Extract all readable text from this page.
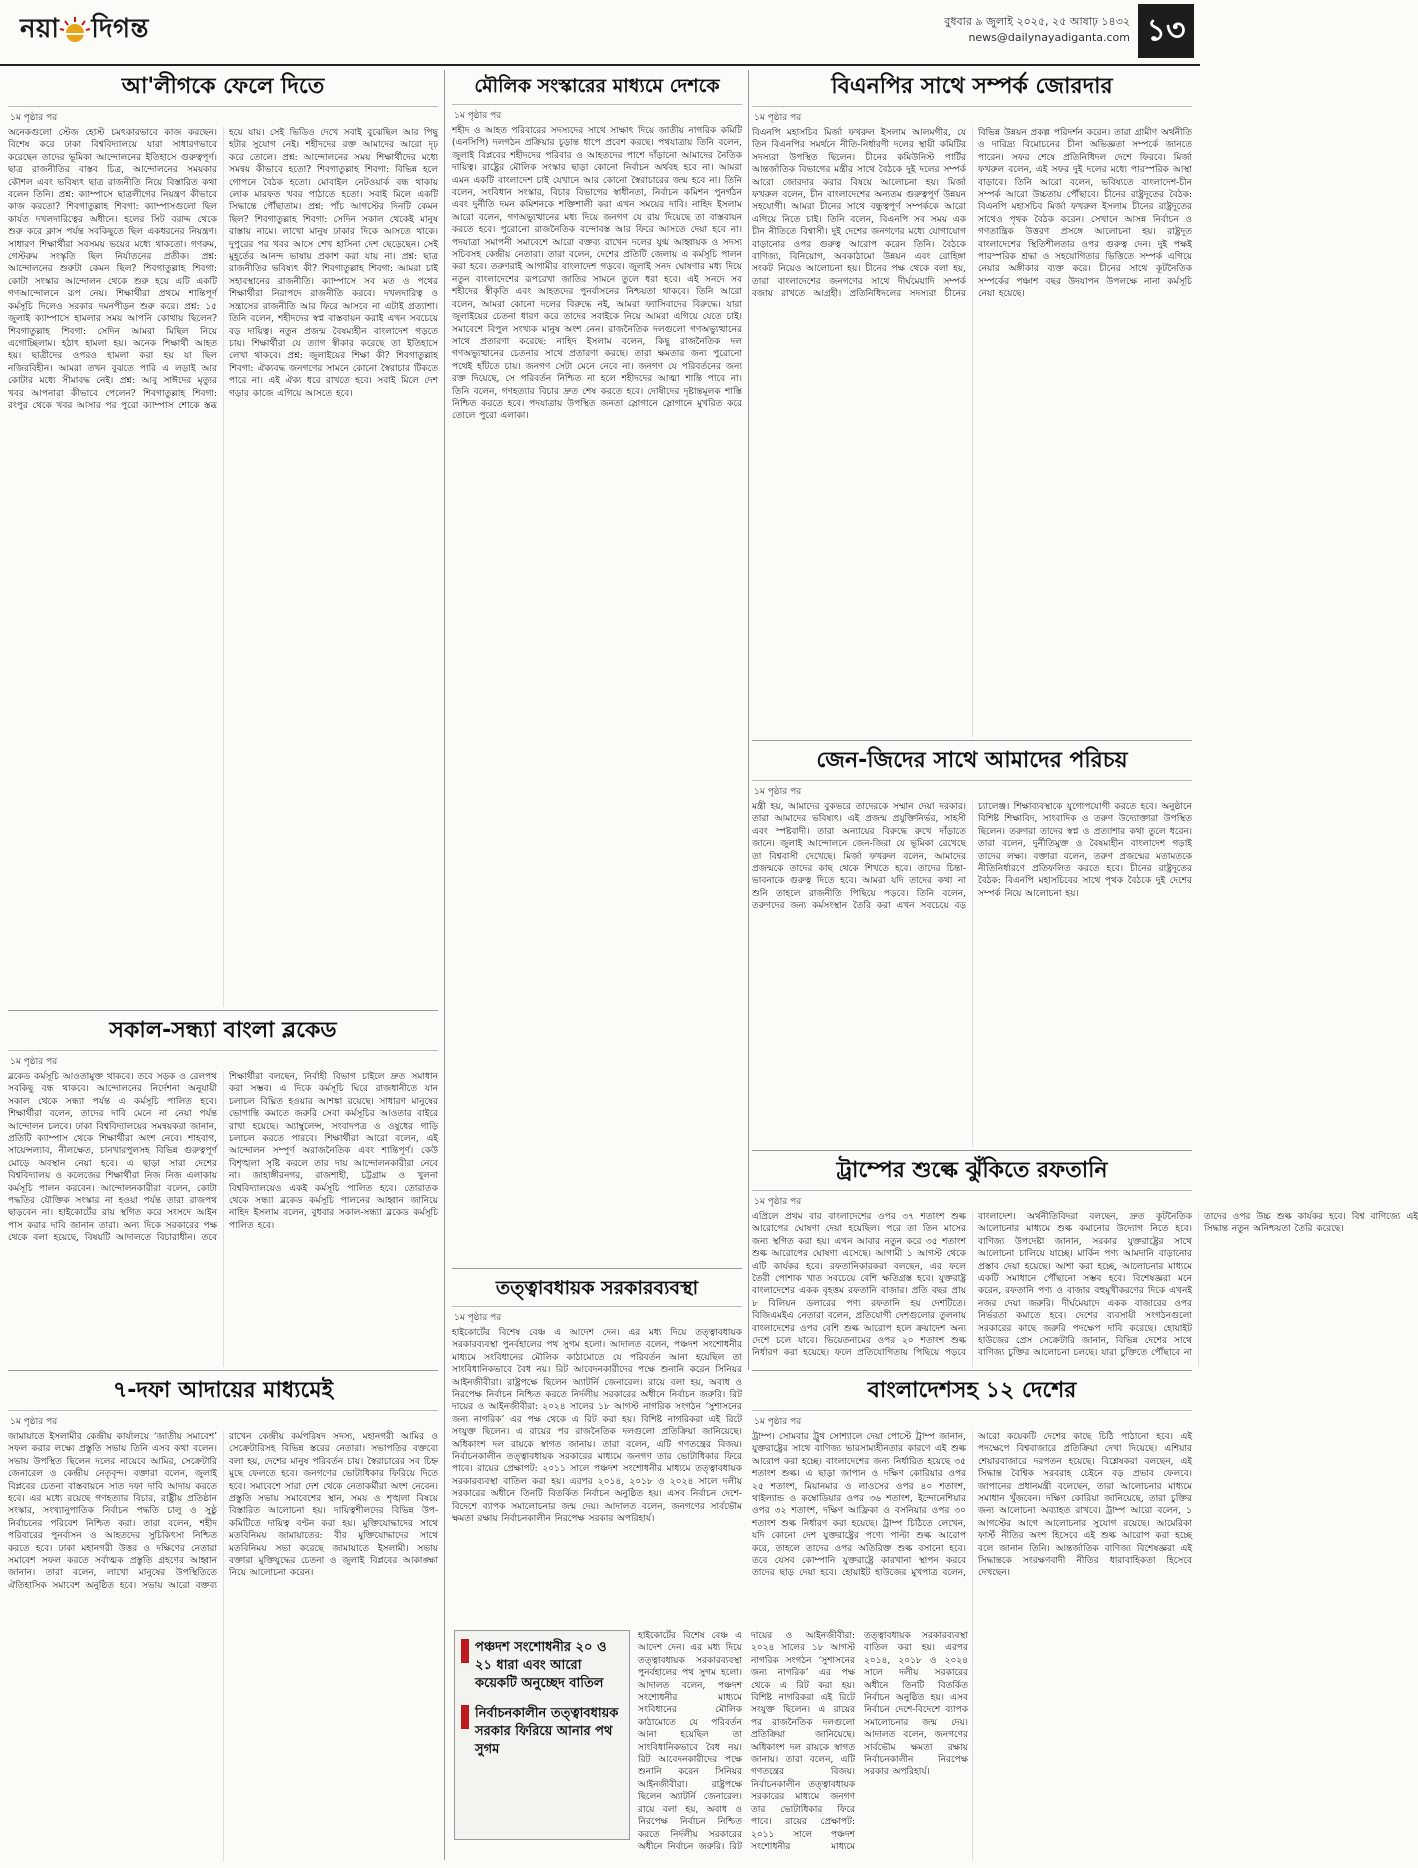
নয়া দিগন্ত	বুধবার ৯ জুলাই ২০২৫, ২৫ আষাঢ় ১৪৩২
news@dailynayadiganta.com ১৩
আ'লীগকে ফেলে দিতে
১ম পৃষ্ঠার পর
অনেকগুলো স্টেজ হোস্ট চমৎকারভাবে কাজ করছেন। বিশেষ করে ঢাকা বিশ্ববিদ্যালয়ে যারা সাধারণভাবে করেছেন তাদের ভূমিকা আন্দোলনের ইতিহাসে গুরুত্বপূর্ণ। ছাত্র রাজনীতির বাস্তব চিত্র, আন্দোলনের সময়কার কৌশল এবং ভবিষ্যৎ ছাত্র রাজনীতি নিয়ে বিস্তারিত কথা বলেন তিনি। প্রশ্ন: ক্যাম্পাসে ছাত্রলীগের নিয়ন্ত্রণ কীভাবে কাজ করতো? শিবগাতুল্লাহ শিবগা: ক্যাম্পাসগুলো ছিল কার্যত দখলদারিত্বের অধীনে। হলের সিট বরাদ্দ থেকে শুরু করে ক্লাস পর্যন্ত সবকিছুতে ছিল একধরনের নিয়ন্ত্রণ। সাধারণ শিক্ষার্থীরা সবসময় ভয়ের মধ্যে থাকতো। গণরুম, গেস্টরুম সংস্কৃতি ছিল নির্যাতনের প্রতীক। প্রশ্ন: আন্দোলনের শুরুটা কেমন ছিল? শিবগাতুল্লাহ শিবগা: কোটা সংস্কার আন্দোলন থেকে শুরু হয়ে এটি একটি গণআন্দোলনে রূপ নেয়। শিক্ষার্থীরা প্রথমে শান্তিপূর্ণ কর্মসূচি দিলেও সরকার দমনপীড়ন শুরু করে। প্রশ্ন: ১৫ জুলাই ক্যাম্পাসে হামলার সময় আপনি কোথায় ছিলেন? শিবগাতুল্লাহ শিবগা: সেদিন আমরা মিছিল নিয়ে এগোচ্ছিলাম। হঠাৎ হামলা হয়। অনেক শিক্ষার্থী আহত হয়। ছাত্রীদের ওপরও হামলা করা হয় যা ছিল নজিরবিহীন। আমরা তখন বুঝতে পারি এ লড়াই আর কোটার মধ্যে সীমাবদ্ধ নেই। প্রশ্ন: আবু সাঈদের মৃত্যুর খবর আপনারা কীভাবে পেলেন? শিবগাতুল্লাহ শিবগা: রংপুর থেকে খবর আসার পর পুরো ক্যাম্পাস শোকে স্তব্ধ হয়ে যায়। সেই ভিডিও দেখে সবাই বুঝেছিল আর পিছু হটার সুযোগ নেই। শহীদদের রক্ত আমাদের আরো দৃঢ় করে তোলে। প্রশ্ন: আন্দোলনের সময় শিক্ষার্থীদের মধ্যে সমন্বয় কীভাবে হতো? শিবগাতুল্লাহ শিবগা: বিভিন্ন হলে গোপনে বৈঠক হতো। মোবাইল নেটওয়ার্ক বন্ধ থাকায় লোক মারফত খবর পাঠাতে হতো। সবাই মিলে একটি সিদ্ধান্তে পৌঁছাতাম। প্রশ্ন: পাঁচ আগস্টের দিনটি কেমন ছিল? শিবগাতুল্লাহ শিবগা: সেদিন সকাল থেকেই মানুষ রাস্তায় নামে। লাখো মানুষ ঢাকার দিকে আসতে থাকে। দুপুরের পর খবর আসে শেখ হাসিনা দেশ ছেড়েছেন। সেই মুহূর্তের আনন্দ ভাষায় প্রকাশ করা যায় না। প্রশ্ন: ছাত্র রাজনীতির ভবিষ্যৎ কী? শিবগাতুল্লাহ শিবগা: আমরা চাই সহাবস্থানের রাজনীতি। ক্যাম্পাসে সব মত ও পথের শিক্ষার্থীরা নিরাপদে রাজনীতি করবে। দখলদারিত্ব ও সন্ত্রাসের রাজনীতি আর ফিরে আসবে না এটাই প্রত্যাশা। তিনি বলেন, শহীদদের স্বপ্ন বাস্তবায়ন করাই এখন সবচেয়ে বড় দায়িত্ব। নতুন প্রজন্ম বৈষম্যহীন বাংলাদেশ গড়তে চায়। শিক্ষার্থীরা যে ত্যাগ স্বীকার করেছে তা ইতিহাসে লেখা থাকবে। প্রশ্ন: জুলাইয়ের শিক্ষা কী? শিবগাতুল্লাহ শিবগা: ঐক্যবদ্ধ জনগণের সামনে কোনো স্বৈরাচার টিকতে পারে না। এই ঐক্য ধরে রাখতে হবে। সবাই মিলে দেশ গড়ার কাজে এগিয়ে আসতে হবে।
সকাল-সন্ধ্যা বাংলা ব্লকেড
১ম পৃষ্ঠার পর
ব্লকেড কর্মসূচি আওতামুক্ত থাকবে। তবে সড়ক ও রেলপথ সবকিছু বন্ধ থাকবে। আন্দোলনের নির্দেশনা অনুযায়ী সকাল থেকে সন্ধ্যা পর্যন্ত এ কর্মসূচি পালিত হবে। শিক্ষার্থীরা বলেন, তাদের দাবি মেনে না নেয়া পর্যন্ত আন্দোলন চলবে। ঢাকা বিশ্ববিদ্যালয়ের সমন্বয়করা জানান, প্রতিটি ক্যাম্পাস থেকে শিক্ষার্থীরা অংশ নেবে। শাহবাগ, সায়েন্সল্যাব, নীলক্ষেত, চানখারপুলসহ বিভিন্ন গুরুত্বপূর্ণ মোড়ে অবস্থান নেয়া হবে। এ ছাড়া সারা দেশের বিশ্ববিদ্যালয় ও কলেজের শিক্ষার্থীরা নিজ নিজ এলাকায় কর্মসূচি পালন করবেন। আন্দোলনকারীরা বলেন, কোটা পদ্ধতির যৌক্তিক সংস্কার না হওয়া পর্যন্ত তারা রাজপথ ছাড়বেন না। হাইকোর্টের রায় স্থগিত করে সংসদে আইন পাস করার দাবি জানান তারা। অন্য দিকে সরকারের পক্ষ থেকে বলা হয়েছে, বিষয়টি আদালতে বিচারাধীন। তবে শিক্ষার্থীরা বলছেন, নির্বাহী বিভাগ চাইলে দ্রুত সমাধান করা সম্ভব। এ দিকে কর্মসূচি ঘিরে রাজধানীতে যান চলাচল বিঘ্নিত হওয়ার আশঙ্কা রয়েছে। সাধারণ মানুষের ভোগান্তি কমাতে জরুরি সেবা কর্মসূচির আওতার বাইরে রাখা হয়েছে। অ্যাম্বুলেন্স, সংবাদপত্র ও ওষুধের গাড়ি চলাচল করতে পারবে। শিক্ষার্থীরা আরো বলেন, এই আন্দোলন সম্পূর্ণ অরাজনৈতিক এবং শান্তিপূর্ণ। কেউ বিশৃঙ্খলা সৃষ্টি করলে তার দায় আন্দোলনকারীরা নেবে না। জাহাঙ্গীরনগর, রাজশাহী, চট্টগ্রাম ও খুলনা বিশ্ববিদ্যালয়েও একই কর্মসূচি পালিত হবে। তোরাতক থেকে সন্ধ্যা ব্লকেড কর্মসূচি পালনের আহ্বান জানিয়ে নাহিদ ইসলাম বলেন, বুধবার সকাল-সন্ধ্যা ব্লকেড কর্মসূচি পালিত হবে।
৭-দফা আদায়ের মাধ্যমেই
১ম পৃষ্ঠার পর
জামায়াতে ইসলামীর কেন্দ্রীয় কার্যালয়ে ‘জাতীয় সমাবেশ’ সফল করার লক্ষ্যে প্রস্তুতি সভায় তিনি এসব কথা বলেন। সভায় উপস্থিত ছিলেন দলের নায়েবে আমির, সেক্রেটারি জেনারেল ও কেন্দ্রীয় নেতৃবৃন্দ। বক্তারা বলেন, জুলাই বিপ্লবের চেতনা বাস্তবায়নে সাত দফা দাবি আদায় করতে হবে। এর মধ্যে রয়েছে গণহত্যার বিচার, রাষ্ট্রীয় প্রতিষ্ঠান সংস্কার, সংখ্যানুপাতিক নির্বাচন পদ্ধতি চালু ও সুষ্ঠু নির্বাচনের পরিবেশ নিশ্চিত করা। তারা বলেন, শহীদ পরিবারের পুনর্বাসন ও আহতদের সুচিকিৎসা নিশ্চিত করতে হবে। ঢাকা মহানগরী উত্তর ও দক্ষিণের নেতারা সমাবেশ সফল করতে সর্বাত্মক প্রস্তুতি গ্রহণের আহ্বান জানান। তারা বলেন, লাখো মানুষের উপস্থিতিতে ঐতিহাসিক সমাবেশ অনুষ্ঠিত হবে। সভায় আরো বক্তব্য রাখেন কেন্দ্রীয় কর্মপরিষদ সদস্য, মহানগরী আমির ও সেক্রেটারিসহ বিভিন্ন স্তরের নেতারা। সভাপতির বক্তব্যে বলা হয়, দেশের মানুষ পরিবর্তন চায়। স্বৈরাচারের সব চিহ্ন মুছে ফেলতে হবে। জনগণের ভোটাধিকার ফিরিয়ে দিতে হবে। সমাবেশে সারা দেশ থেকে নেতাকর্মীরা অংশ নেবেন। প্রস্তুতি সভায় সমাবেশের স্থান, সময় ও শৃঙ্খলা বিষয়ে বিস্তারিত আলোচনা হয়। দায়িত্বশীলদের বিভিন্ন উপ-কমিটিতে দায়িত্ব বণ্টন করা হয়। মুক্তিযোদ্ধাদের সাথে মতবিনিময় জামায়াতের: বীর মুক্তিযোদ্ধাদের সাথে মতবিনিময় সভা করেছে জামায়াতে ইসলামী। সভায় বক্তারা মুক্তিযুদ্ধের চেতনা ও জুলাই বিপ্লবের আকাঙ্ক্ষা নিয়ে আলোচনা করেন।
মৌলিক সংস্কারের মাধ্যমে দেশকে
১ম পৃষ্ঠার পর
শহীদ ও আহত পরিবারের সদস্যদের সাথে সাক্ষাৎ দিয়ে জাতীয় নাগরিক কমিটি (এনসিপি) দলগঠন প্রক্রিয়ার চূড়ান্ত ধাপে প্রবেশ করছে। পথযাত্রায় তিনি বলেন, জুলাই বিপ্লবের শহীদদের পরিবার ও আহতদের পাশে দাঁড়ানো আমাদের নৈতিক দায়িত্ব। রাষ্ট্রের মৌলিক সংস্কার ছাড়া কোনো নির্বাচন অর্থবহ হবে না। আমরা এমন একটি বাংলাদেশ চাই যেখানে আর কোনো স্বৈরাচারের জন্ম হবে না। তিনি বলেন, সংবিধান সংস্কার, বিচার বিভাগের স্বাধীনতা, নির্বাচন কমিশন পুনর্গঠন এবং দুর্নীতি দমন কমিশনকে শক্তিশালী করা এখন সময়ের দাবি। নাহিদ ইসলাম আরো বলেন, গণঅভ্যুত্থানের মধ্য দিয়ে জনগণ যে রায় দিয়েছে তা বাস্তবায়ন করতে হবে। পুরোনো রাজনৈতিক বন্দোবস্ত আর ফিরে আসতে দেয়া হবে না। পদযাত্রা সমাপনী সমাবেশে আরো বক্তব্য রাখেন দলের যুগ্ম আহ্বায়ক ও সদস্য সচিবসহ কেন্দ্রীয় নেতারা। তারা বলেন, দেশের প্রতিটি জেলায় এ কর্মসূচি পালন করা হবে। তরুণরাই আগামীর বাংলাদেশ গড়বে। জুলাই সনদ ঘোষণার মধ্য দিয়ে নতুন বাংলাদেশের রূপরেখা জাতির সামনে তুলে ধরা হবে। এই সনদে সব শহীদের স্বীকৃতি এবং আহতদের পুনর্বাসনের নিশ্চয়তা থাকবে। তিনি আরো বলেন, আমরা কোনো দলের বিরুদ্ধে নই, আমরা ফ্যাসিবাদের বিরুদ্ধে। যারা জুলাইয়ের চেতনা ধারণ করে তাদের সবাইকে নিয়ে আমরা এগিয়ে যেতে চাই। সমাবেশে বিপুল সংখ্যক মানুষ অংশ নেন। রাজনৈতিক দলগুলো গণঅভ্যুত্থানের সাথে প্রতারণা করেছে: নাহিদ ইসলাম বলেন, কিছু রাজনৈতিক দল গণঅভ্যুত্থানের চেতনার সাথে প্রতারণা করছে। তারা ক্ষমতার জন্য পুরোনো পথেই হাঁটতে চায়। জনগণ সেটা মেনে নেবে না। জনগণ যে পরিবর্তনের জন্য রক্ত দিয়েছে, সে পরিবর্তন নিশ্চিত না হলে শহীদদের আত্মা শান্তি পাবে না। তিনি বলেন, গণহত্যার বিচার দ্রুত শেষ করতে হবে। দোষীদের দৃষ্টান্তমূলক শাস্তি নিশ্চিত করতে হবে। পদযাত্রায় উপস্থিত জনতা স্লোগানে স্লোগানে মুখরিত করে তোলে পুরো এলাকা।
তত্ত্বাবধায়ক সরকারব্যবস্থা
১ম পৃষ্ঠার পর
হাইকোর্টের বিশেষ বেঞ্চ এ আদেশ দেন। এর মধ্য দিয়ে তত্ত্বাবধায়ক সরকারব্যবস্থা পুনর্বহালের পথ সুগম হলো। আদালত বলেন, পঞ্চদশ সংশোধনীর মাধ্যমে সংবিধানের মৌলিক কাঠামোতে যে পরিবর্তন আনা হয়েছিল তা সাংবিধানিকভাবে বৈধ নয়। রিট আবেদনকারীদের পক্ষে শুনানি করেন সিনিয়র আইনজীবীরা। রাষ্ট্রপক্ষে ছিলেন অ্যাটর্নি জেনারেল। রায়ে বলা হয়, অবাধ ও নিরপেক্ষ নির্বাচন নিশ্চিত করতে নির্দলীয় সরকারের অধীনে নির্বাচন জরুরি। রিট দায়ের ও আইনজীবীরা: ২০২৪ সালের ১৮ আগস্ট নাগরিক সংগঠন ‘সুশাসনের জন্য নাগরিক’ এর পক্ষ থেকে এ রিট করা হয়। বিশিষ্ট নাগরিকরা এই রিটে সংযুক্ত ছিলেন। এ রায়ের পর রাজনৈতিক দলগুলো প্রতিক্রিয়া জানিয়েছে। অধিকাংশ দল রায়কে স্বাগত জানায়। তারা বলেন, এটি গণতন্ত্রের বিজয়। নির্বাচনকালীন তত্ত্বাবধায়ক সরকারের মাধ্যমে জনগণ তার ভোটাধিকার ফিরে পাবে। রায়ের প্রেক্ষাপট: ২০১১ সালে পঞ্চদশ সংশোধনীর মাধ্যমে তত্ত্বাবধায়ক সরকারব্যবস্থা বাতিল করা হয়। এরপর ২০১৪, ২০১৮ ও ২০২৪ সালে দলীয় সরকারের অধীনে তিনটি বিতর্কিত নির্বাচন অনুষ্ঠিত হয়। এসব নির্বাচন দেশে-বিদেশে ব্যাপক সমালোচনার জন্ম দেয়। আদালত বলেন, জনগণের সার্বভৌম ক্ষমতা রক্ষায় নির্বাচনকালীন নিরপেক্ষ সরকার অপরিহার্য।
পঞ্চদশ সংশোধনীর ২০ ও ২১ ধারা এবং আরো কয়েকটি অনুচ্ছেদ বাতিল
নির্বাচনকালীন তত্ত্বাবধায়ক সরকার ফিরিয়ে আনার পথ সুগম
হাইকোর্টের বিশেষ বেঞ্চ এ আদেশ দেন। এর মধ্য দিয়ে তত্ত্বাবধায়ক সরকারব্যবস্থা পুনর্বহালের পথ সুগম হলো। আদালত বলেন, পঞ্চদশ সংশোধনীর মাধ্যমে সংবিধানের মৌলিক কাঠামোতে যে পরিবর্তন আনা হয়েছিল তা সাংবিধানিকভাবে বৈধ নয়। রিট আবেদনকারীদের পক্ষে শুনানি করেন সিনিয়র আইনজীবীরা। রাষ্ট্রপক্ষে ছিলেন অ্যাটর্নি জেনারেল। রায়ে বলা হয়, অবাধ ও নিরপেক্ষ নির্বাচন নিশ্চিত করতে নির্দলীয় সরকারের অধীনে নির্বাচন জরুরি। রিট দায়ের ও আইনজীবীরা: ২০২৪ সালের ১৮ আগস্ট নাগরিক সংগঠন ‘সুশাসনের জন্য নাগরিক’ এর পক্ষ থেকে এ রিট করা হয়। বিশিষ্ট নাগরিকরা এই রিটে সংযুক্ত ছিলেন। এ রায়ের পর রাজনৈতিক দলগুলো প্রতিক্রিয়া জানিয়েছে। অধিকাংশ দল রায়কে স্বাগত জানায়। তারা বলেন, এটি গণতন্ত্রের বিজয়। নির্বাচনকালীন তত্ত্বাবধায়ক সরকারের মাধ্যমে জনগণ তার ভোটাধিকার ফিরে পাবে। রায়ের প্রেক্ষাপট: ২০১১ সালে পঞ্চদশ সংশোধনীর মাধ্যমে তত্ত্বাবধায়ক সরকারব্যবস্থা বাতিল করা হয়। এরপর ২০১৪, ২০১৮ ও ২০২৪ সালে দলীয় সরকারের অধীনে তিনটি বিতর্কিত নির্বাচন অনুষ্ঠিত হয়। এসব নির্বাচন দেশে-বিদেশে ব্যাপক সমালোচনার জন্ম দেয়। আদালত বলেন, জনগণের সার্বভৌম ক্ষমতা রক্ষায় নির্বাচনকালীন নিরপেক্ষ সরকার অপরিহার্য।
বিএনপির সাথে সম্পর্ক জোরদার
১ম পৃষ্ঠার পর
বিএনপি মহাসচিব মির্জা ফখরুল ইসলাম আলমগীর, যে তিন বিএনপির সমর্থনে নীতি-নির্ধারণী দলের স্থায়ী কমিটির সদস্যরা উপস্থিত ছিলেন। চীনের কমিউনিস্ট পার্টির আন্তর্জাতিক বিভাগের মন্ত্রীর সাথে বৈঠকে দুই দলের সম্পর্ক আরো জোরদার করার বিষয়ে আলোচনা হয়। মির্জা ফখরুল বলেন, চীন বাংলাদেশের অন্যতম গুরুত্বপূর্ণ উন্নয়ন সহযোগী। আমরা চীনের সাথে বন্ধুত্বপূর্ণ সম্পর্ককে আরো এগিয়ে নিতে চাই। তিনি বলেন, বিএনপি সব সময় এক চীন নীতিতে বিশ্বাসী। দুই দেশের জনগণের মধ্যে যোগাযোগ বাড়ানোর ওপর গুরুত্ব আরোপ করেন তিনি। বৈঠকে বাণিজ্য, বিনিয়োগ, অবকাঠামো উন্নয়ন এবং রোহিঙ্গা সংকট নিয়েও আলোচনা হয়। চীনের পক্ষ থেকে বলা হয়, তারা বাংলাদেশের জনগণের সাথে দীর্ঘমেয়াদি সম্পর্ক বজায় রাখতে আগ্রহী। প্রতিনিধিদলের সদস্যরা চীনের বিভিন্ন উন্নয়ন প্রকল্প পরিদর্শন করেন। তারা গ্রামীণ অর্থনীতি ও দারিদ্র্য বিমোচনের চীনা অভিজ্ঞতা সম্পর্কে জানতে পারেন। সফর শেষে প্রতিনিধিদল দেশে ফিরবে। মির্জা ফখরুল বলেন, এই সফর দুই দলের মধ্যে পারস্পরিক আস্থা বাড়াবে। তিনি আরো বলেন, ভবিষ্যতে বাংলাদেশ-চীন সম্পর্ক আরো উচ্চতায় পৌঁছাবে। চীনের রাষ্ট্রদূতের বৈঠক: বিএনপি মহাসচিব মির্জা ফখরুল ইসলাম চীনের রাষ্ট্রদূতের সাথেও পৃথক বৈঠক করেন। সেখানে আসন্ন নির্বাচন ও গণতান্ত্রিক উত্তরণ প্রসঙ্গে আলোচনা হয়। রাষ্ট্রদূত বাংলাদেশের স্থিতিশীলতার ওপর গুরুত্ব দেন। দুই পক্ষই পারস্পরিক শ্রদ্ধা ও সহযোগিতার ভিত্তিতে সম্পর্ক এগিয়ে নেয়ার অঙ্গীকার ব্যক্ত করে। চীনের সাথে কূটনৈতিক সম্পর্কের পঞ্চাশ বছর উদযাপন উপলক্ষে নানা কর্মসূচি নেয়া হয়েছে।
জেন-জিদের সাথে আমাদের পরিচয়
১ম পৃষ্ঠার পর
মন্ত্রী হয়, আমাদের বুকভরে তাদেরকে সম্মান দেয়া দরকার। তারা আমাদের ভবিষ্যৎ। এই প্রজন্ম প্রযুক্তিনির্ভর, সাহসী এবং স্পষ্টবাদী। তারা অন্যায়ের বিরুদ্ধে রুখে দাঁড়াতে জানে। জুলাই আন্দোলনে জেন-জিরা যে ভূমিকা রেখেছে তা বিশ্ববাসী দেখেছে। মির্জা ফখরুল বলেন, আমাদের প্রজন্মকে তাদের কাছ থেকে শিখতে হবে। তাদের চিন্তা-ভাবনাকে গুরুত্ব দিতে হবে। আমরা যদি তাদের কথা না শুনি তাহলে রাজনীতি পিছিয়ে পড়বে। তিনি বলেন, তরুণদের জন্য কর্মসংস্থান তৈরি করা এখন সবচেয়ে বড় চ্যালেঞ্জ। শিক্ষাব্যবস্থাকে যুগোপযোগী করতে হবে। অনুষ্ঠানে বিশিষ্ট শিক্ষাবিদ, সাংবাদিক ও তরুণ উদ্যোক্তারা উপস্থিত ছিলেন। তরুণরা তাদের স্বপ্ন ও প্রত্যাশার কথা তুলে ধরেন। তারা বলেন, দুর্নীতিমুক্ত ও বৈষম্যহীন বাংলাদেশ গড়াই তাদের লক্ষ্য। বক্তারা বলেন, তরুণ প্রজন্মের মতামতকে নীতিনির্ধারণে প্রতিফলিত করতে হবে। চীনের রাষ্ট্রদূতের বৈঠক: বিএনপি মহাসচিবের সাথে পৃথক বৈঠকে দুই দেশের সম্পর্ক নিয়ে আলোচনা হয়।
ট্রাম্পের শুল্কে ঝুঁকিতে রফতানি
১ম পৃষ্ঠার পর
এপ্রিলে প্রথম বার বাংলাদেশের ওপর ৩৭ শতাংশ শুল্ক আরোপের ঘোষণা দেয়া হয়েছিল। পরে তা তিন মাসের জন্য স্থগিত করা হয়। এখন আবার নতুন করে ৩৫ শতাংশ শুল্ক আরোপের ঘোষণা এসেছে। আগামী ১ আগস্ট থেকে এটি কার্যকর হবে। রফতানিকারকরা বলছেন, এর ফলে তৈরী পোশাক খাত সবচেয়ে বেশি ক্ষতিগ্রস্ত হবে। যুক্তরাষ্ট্র বাংলাদেশের একক বৃহত্তম রফতানি বাজার। প্রতি বছর প্রায় ৮ বিলিয়ন ডলারের পণ্য রফতানি হয় দেশটিতে। বিজিএমইএ নেতারা বলেন, প্রতিযোগী দেশগুলোর তুলনায় বাংলাদেশের ওপর বেশি শুল্ক আরোপ হলে ক্রয়াদেশ অন্য দেশে চলে যাবে। ভিয়েতনামের ওপর ২০ শতাংশ শুল্ক নির্ধারণ করা হয়েছে। ফলে প্রতিযোগিতায় পিছিয়ে পড়বে বাংলাদেশ। অর্থনীতিবিদরা বলছেন, দ্রুত কূটনৈতিক আলোচনার মাধ্যমে শুল্ক কমানোর উদ্যোগ নিতে হবে। বাণিজ্য উপদেষ্টা জানান, সরকার যুক্তরাষ্ট্রের সাথে আলোচনা চালিয়ে যাচ্ছে। মার্কিন পণ্য আমদানি বাড়ানোর প্রস্তাব দেয়া হয়েছে। আশা করা হচ্ছে, আলোচনার মাধ্যমে একটি সমাধানে পৌঁছানো সম্ভব হবে। বিশেষজ্ঞরা মনে করেন, রফতানি পণ্য ও বাজার বহুমুখীকরণের দিকে এখনই নজর দেয়া জরুরি। দীর্ঘমেয়াদে একক বাজারের ওপর নির্ভরতা কমাতে হবে। দেশের ব্যবসায়ী সংগঠনগুলো সরকারের কাছে জরুরি পদক্ষেপ দাবি করেছে। হোয়াইট হাউজের প্রেস সেক্রেটারি জানান, বিভিন্ন দেশের সাথে বাণিজ্য চুক্তির আলোচনা চলছে। যারা চুক্তিতে পৌঁছাবে না তাদের ওপর উচ্চ শুল্ক কার্যকর হবে। বিশ্ব বাণিজ্যে এই সিদ্ধান্ত নতুন অনিশ্চয়তা তৈরি করেছে।
বাংলাদেশসহ ১২ দেশের
১ম পৃষ্ঠার পর
ট্রাম্প। সোমবার ট্রুথ সোশ্যালে দেয়া পোস্টে ট্রাম্প জানান, যুক্তরাষ্ট্রের সাথে বাণিজ্য ভারসাম্যহীনতার কারণে এই শুল্ক আরোপ করা হচ্ছে। বাংলাদেশের জন্য নির্ধারিত হয়েছে ৩৫ শতাংশ শুল্ক। এ ছাড়া জাপান ও দক্ষিণ কোরিয়ার ওপর ২৫ শতাংশ, মিয়ানমার ও লাওসের ওপর ৪০ শতাংশ, থাইল্যান্ড ও কম্বোডিয়ার ওপর ৩৬ শতাংশ, ইন্দোনেশিয়ার ওপর ৩২ শতাংশ, দক্ষিণ আফ্রিকা ও বসনিয়ার ওপর ৩০ শতাংশ শুল্ক নির্ধারণ করা হয়েছে। ট্রাম্প চিঠিতে লেখেন, যদি কোনো দেশ যুক্তরাষ্ট্রের পণ্যে পাল্টা শুল্ক আরোপ করে, তাহলে তাদের ওপর অতিরিক্ত শুল্ক বসানো হবে। তবে যেসব কোম্পানি যুক্তরাষ্ট্রে কারখানা স্থাপন করবে তাদের ছাড় দেয়া হবে। হোয়াইট হাউজের মুখপাত্র বলেন, আরো কয়েকটি দেশের কাছে চিঠি পাঠানো হবে। এই পদক্ষেপে বিশ্ববাজারে প্রতিক্রিয়া দেখা দিয়েছে। এশিয়ার শেয়ারবাজারে দরপতন হয়েছে। বিশ্লেষকরা বলছেন, এই সিদ্ধান্ত বৈশ্বিক সরবরাহ চেইনে বড় প্রভাব ফেলবে। জাপানের প্রধানমন্ত্রী বলেছেন, তারা আলোচনার মাধ্যমে সমাধান খুঁজবেন। দক্ষিণ কোরিয়া জানিয়েছে, তারা চুক্তির জন্য আলোচনা অব্যাহত রাখবে। ট্রাম্প আরো বলেন, ১ আগস্টের আগে আলোচনার সুযোগ রয়েছে। আমেরিকা ফার্স্ট নীতির অংশ হিসেবে এই শুল্ক আরোপ করা হচ্ছে বলে জানান তিনি। আন্তর্জাতিক বাণিজ্য বিশেষজ্ঞরা এই সিদ্ধান্তকে সংরক্ষণবাদী নীতির ধারাবাহিকতা হিসেবে দেখছেন।
